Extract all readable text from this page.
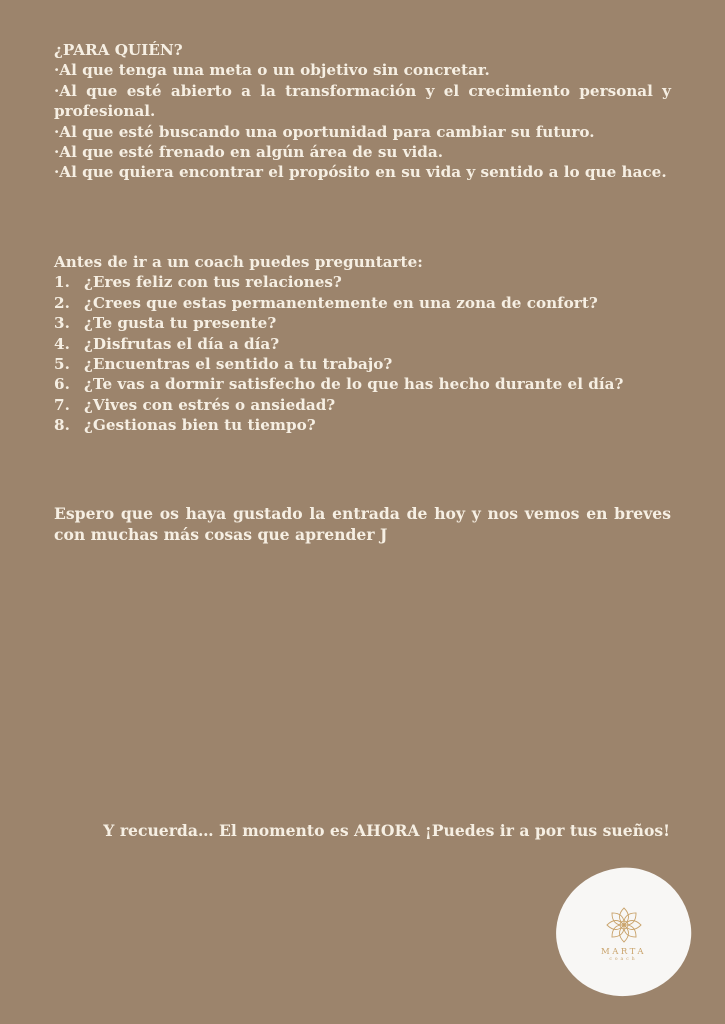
¿PARA QUIÉN?

·Al que tenga una meta o un objetivo sin concretar.

·Al que esté abierto a la transformación y el crecimiento personal y profesional.

·Al que esté buscando una oportunidad para cambiar su futuro.

·Al que esté frenado en algún área de su vida.

·Al que quiera encontrar el propósito en su vida y sentido a lo que hace.

Antes de ir a un coach puedes preguntarte:

1. ¿Eres feliz con tus relaciones?
2. ¿Crees que estas permanentemente en una zona de confort?
3. ¿Te gusta tu presente?
4. ¿Disfrutas el día a día?
5. ¿Encuentras el sentido a tu trabajo?
6. ¿Te vas a dormir satisfecho de lo que has hecho durante el día?
7. ¿Vives con estrés o ansiedad?
8. ¿Gestionas bien tu tiempo?

Espero que os haya gustado la entrada de hoy y nos vemos en breves con muchas más cosas que aprender J

Y recuerda… El momento es AHORA ¡Puedes ir a por tus sueños!
MARTA
coach
